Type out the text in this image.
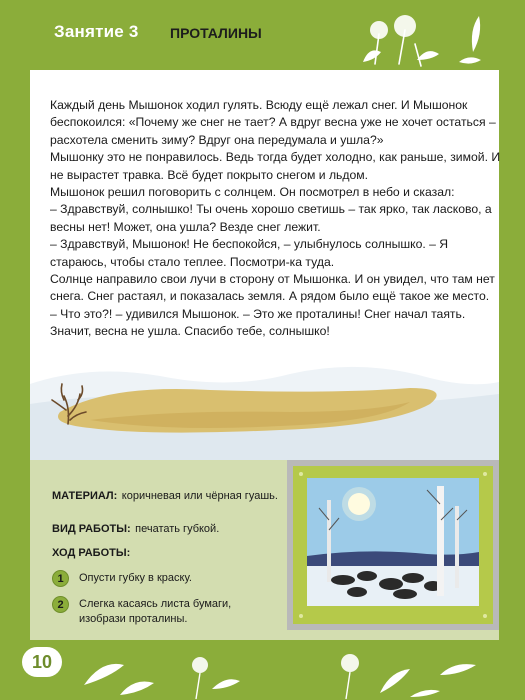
Занятие 3 ПРОТАЛИНЫ

Каждый день Мышонок ходил гулять. Всюду ещё лежал снег. И Мышонок беспокоился: «Почему же снег не тает? А вдруг весна уже не хочет остаться – расхотела сменить зиму? Вдруг она передумала и ушла?»

Мышонку это не понравилось. Ведь тогда будет холодно, как раньше, зимой. И не вырастет травка. Всё будет покрыто снегом и льдом.

Мышонок решил поговорить с солнцем. Он посмотрел в небо и сказал:

– Здравствуй, солнышко! Ты очень хорошо светишь – так ярко, так ласково, а весны нет! Может, она ушла? Везде снег лежит.

– Здравствуй, Мышонок! Не беспокойся, – улыбнулось солнышко. – Я стараюсь, чтобы стало теплее. Посмотри-ка туда.

Солнце направило свои лучи в сторону от Мышонка. И он увидел, что там нет снега. Снег растаял, и показалась земля. А рядом было ещё такое же место.

– Что это?! – удивился Мышонок. – Это же проталины! Снег начал таять. Значит, весна не ушла. Спасибо тебе, солнышко!

МАТЕРИАЛ: коричневая или чёрная гуашь.
ВИД РАБОТЫ: печатать губкой.
ХОД РАБОТЫ:
1	Опусти губку в краску.
2	Слегка касаясь листа бумаги, изобрази проталины.
10
